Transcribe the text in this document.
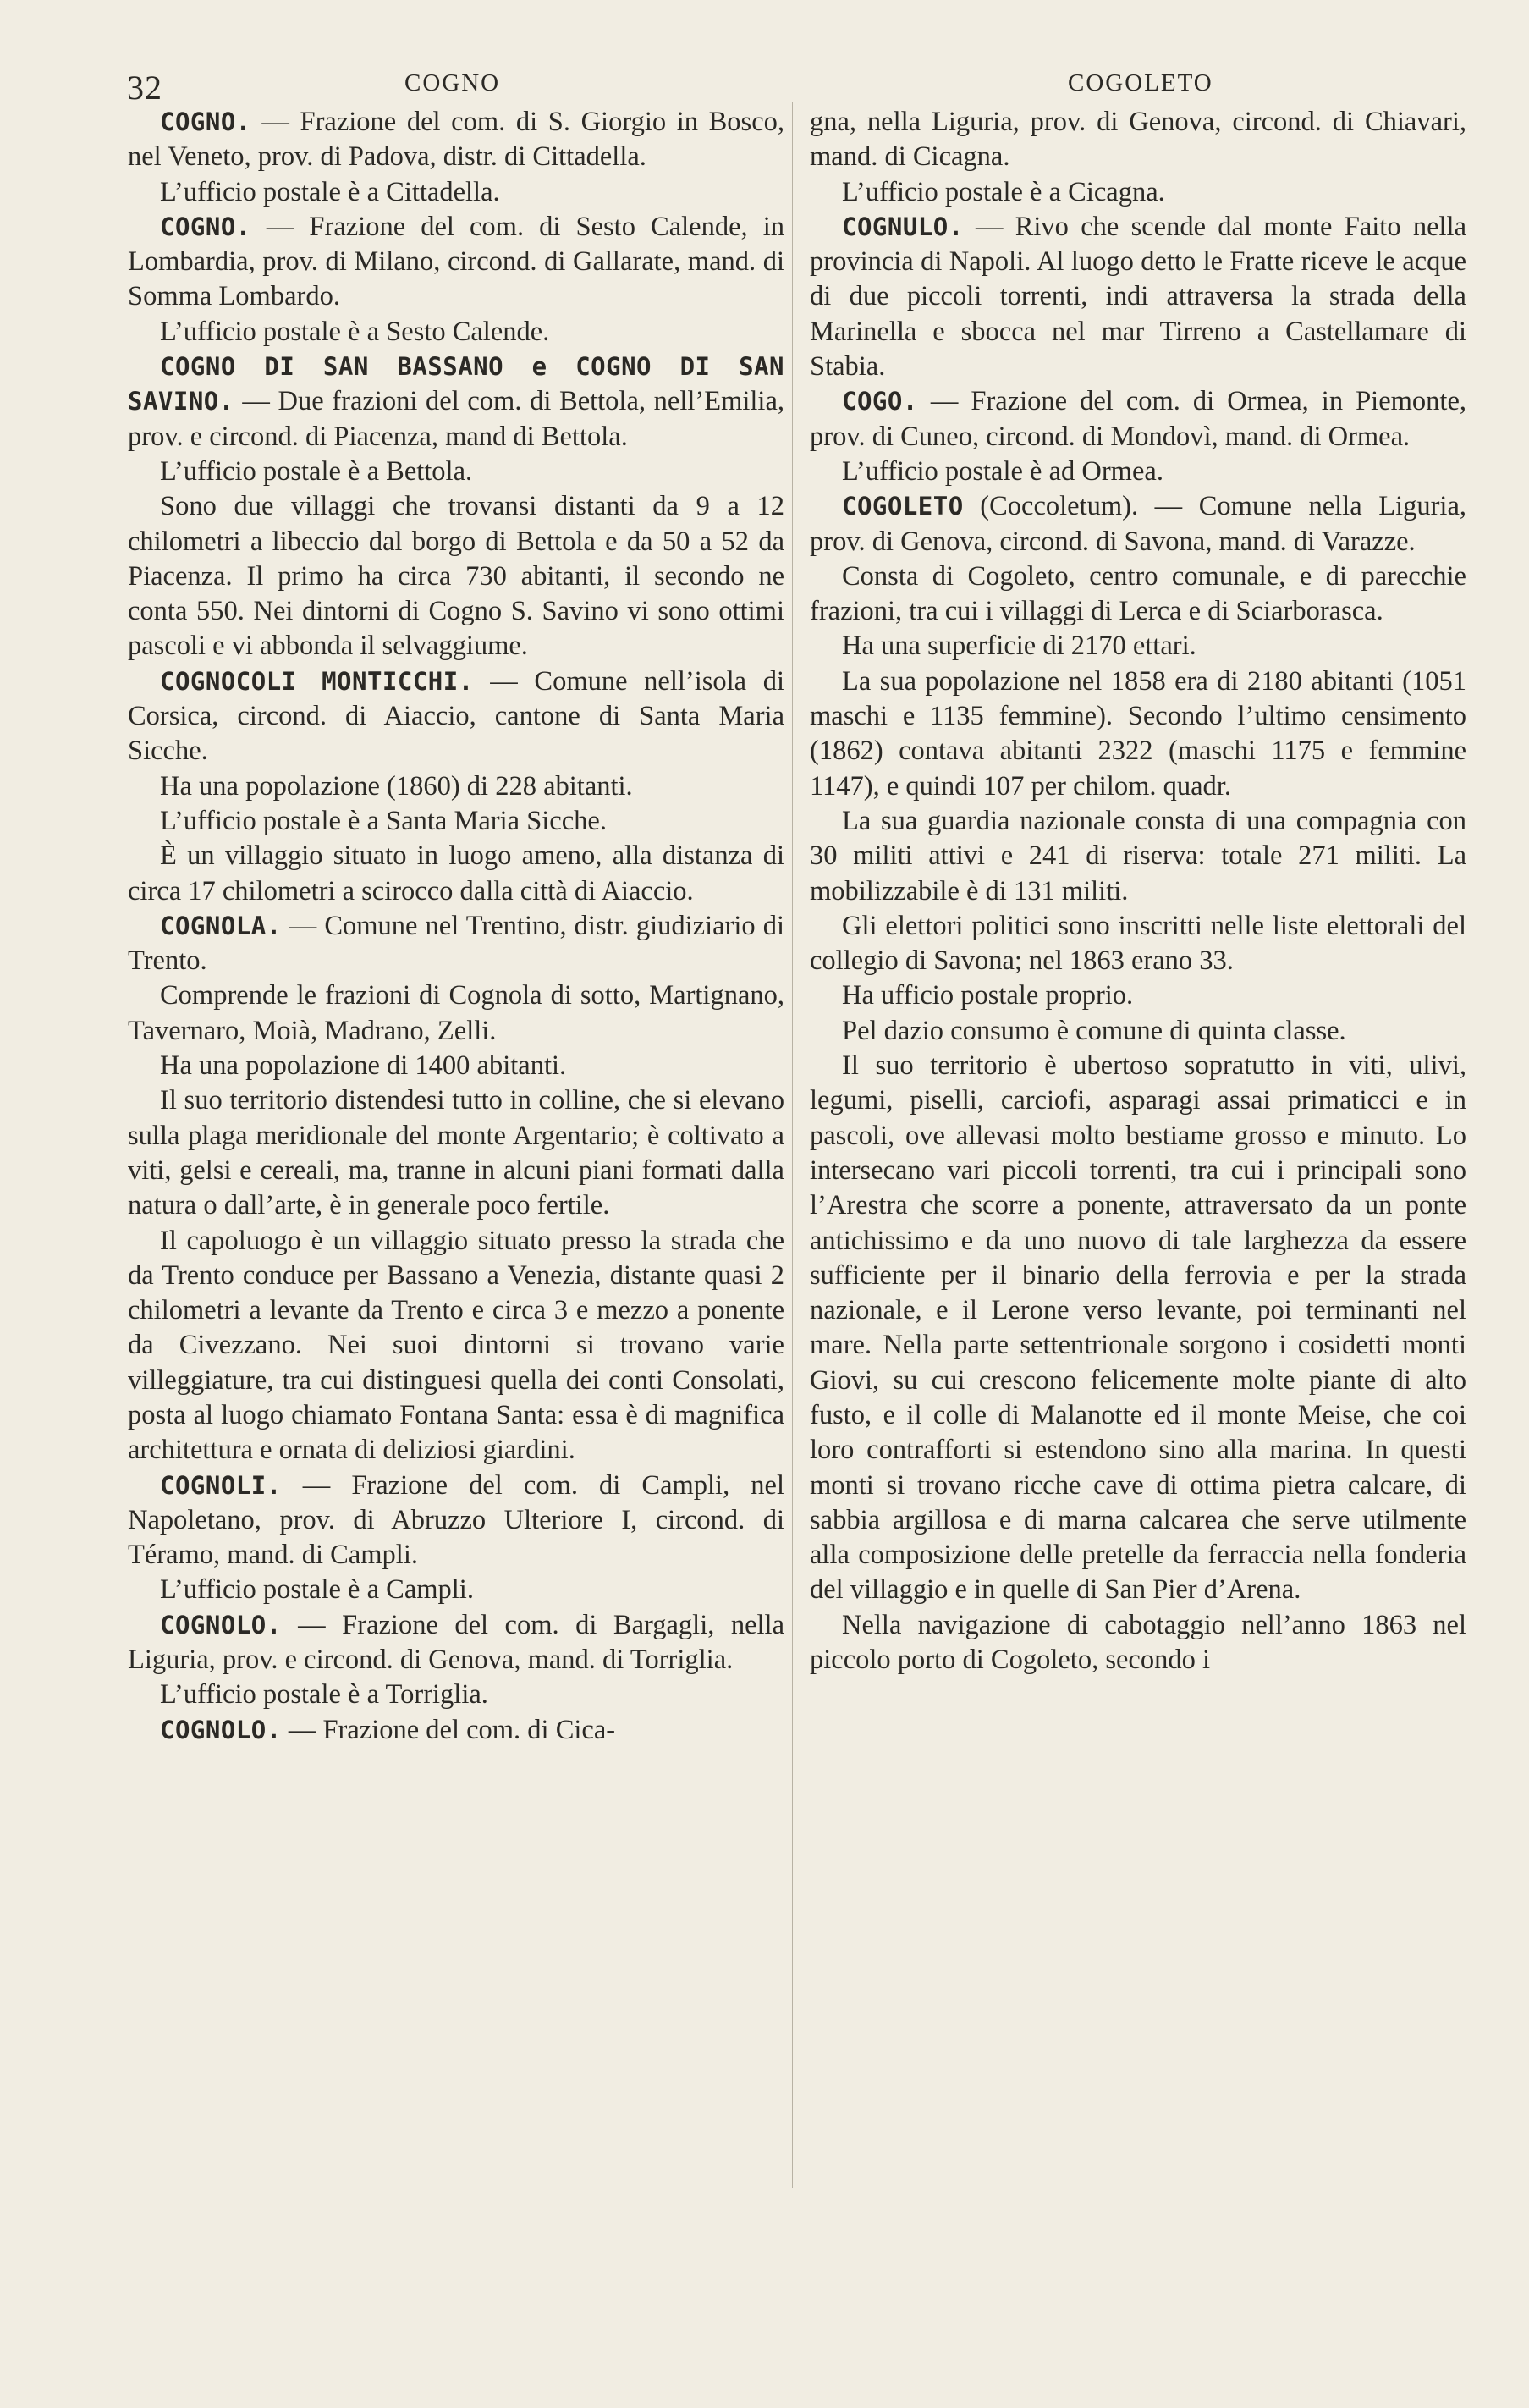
32	COGNO	COGOLETO

COGNO. — Frazione del com. di S. Giorgio in Bosco, nel Veneto, prov. di Padova, distr. di Cittadella.

L’ufficio postale è a Cittadella.

COGNO. — Frazione del com. di Sesto Calende, in Lombardia, prov. di Milano, circond. di Gallarate, mand. di Somma Lombardo.

L’ufficio postale è a Sesto Calende.

COGNO DI SAN BASSANO e COGNO DI SAN SAVINO. — Due frazioni del com. di Bettola, nell’Emilia, prov. e circond. di Piacenza, mand di Bettola.

L’ufficio postale è a Bettola.

Sono due villaggi che trovansi distanti da 9 a 12 chilometri a libeccio dal borgo di Bettola e da 50 a 52 da Piacenza. Il primo ha circa 730 abitanti, il secondo ne conta 550. Nei dintorni di Cogno S. Savino vi sono ottimi pascoli e vi abbonda il selvaggiume.

COGNOCOLI MONTICCHI. — Comune nell’isola di Corsica, circond. di Aiaccio, cantone di Santa Maria Sicche.

Ha una popolazione (1860) di 228 abitanti.

L’ufficio postale è a Santa Maria Sicche.

È un villaggio situato in luogo ameno, alla distanza di circa 17 chilometri a scirocco dalla città di Aiaccio.

COGNOLA. — Comune nel Trentino, distr. giudiziario di Trento.

Comprende le frazioni di Cognola di sotto, Martignano, Tavernaro, Moià, Madrano, Zelli.

Ha una popolazione di 1400 abitanti.

Il suo territorio distendesi tutto in colline, che si elevano sulla plaga meridionale del monte Argentario; è coltivato a viti, gelsi e cereali, ma, tranne in alcuni piani formati dalla natura o dall’arte, è in generale poco fertile.

Il capoluogo è un villaggio situato presso la strada che da Trento conduce per Bassano a Venezia, distante quasi 2 chilometri a levante da Trento e circa 3 e mezzo a ponente da Civezzano. Nei suoi dintorni si trovano varie villeggiature, tra cui distinguesi quella dei conti Consolati, posta al luogo chiamato Fontana Santa: essa è di magnifica architettura e ornata di deliziosi giardini.

COGNOLI. — Frazione del com. di Campli, nel Napoletano, prov. di Abruzzo Ulteriore I, circond. di Téramo, mand. di Campli.

L’ufficio postale è a Campli.

COGNOLO. — Frazione del com. di Bargagli, nella Liguria, prov. e circond. di Genova, mand. di Torriglia.

L’ufficio postale è a Torriglia.

COGNOLO. — Frazione del com. di Cica-

gna, nella Liguria, prov. di Genova, circond. di Chiavari, mand. di Cicagna.

L’ufficio postale è a Cicagna.

COGNULO. — Rivo che scende dal monte Faito nella provincia di Napoli. Al luogo detto le Fratte riceve le acque di due piccoli torrenti, indi attraversa la strada della Marinella e sbocca nel mar Tirreno a Castellamare di Stabia.

COGO. — Frazione del com. di Ormea, in Piemonte, prov. di Cuneo, circond. di Mondovì, mand. di Ormea.

L’ufficio postale è ad Ormea.

COGOLETO (Coccoletum). — Comune nella Liguria, prov. di Genova, circond. di Savona, mand. di Varazze.

Consta di Cogoleto, centro comunale, e di parecchie frazioni, tra cui i villaggi di Lerca e di Sciarborasca.

Ha una superficie di 2170 ettari.

La sua popolazione nel 1858 era di 2180 abitanti (1051 maschi e 1135 femmine). Secondo l’ultimo censimento (1862) contava abitanti 2322 (maschi 1175 e femmine 1147), e quindi 107 per chilom. quadr.

La sua guardia nazionale consta di una compagnia con 30 militi attivi e 241 di riserva: totale 271 militi. La mobilizzabile è di 131 militi.

Gli elettori politici sono inscritti nelle liste elettorali del collegio di Savona; nel 1863 erano 33.

Ha ufficio postale proprio.

Pel dazio consumo è comune di quinta classe.

Il suo territorio è ubertoso sopratutto in viti, ulivi, legumi, piselli, carciofi, asparagi assai primaticci e in pascoli, ove allevasi molto bestiame grosso e minuto. Lo intersecano vari piccoli torrenti, tra cui i principali sono l’Arestra che scorre a ponente, attraversato da un ponte antichissimo e da uno nuovo di tale larghezza da essere sufficiente per il binario della ferrovia e per la strada nazionale, e il Lerone verso levante, poi terminanti nel mare. Nella parte settentrionale sorgono i cosidetti monti Giovi, su cui crescono felicemente molte piante di alto fusto, e il colle di Malanotte ed il monte Meise, che coi loro contrafforti si estendono sino alla marina. In questi monti si trovano ricche cave di ottima pietra calcare, di sabbia argillosa e di marna calcarea che serve utilmente alla composizione delle pretelle da ferraccia nella fonderia del villaggio e in quelle di San Pier d’Arena.

Nella navigazione di cabotaggio nell’anno 1863 nel piccolo porto di Cogoleto, secondo i
